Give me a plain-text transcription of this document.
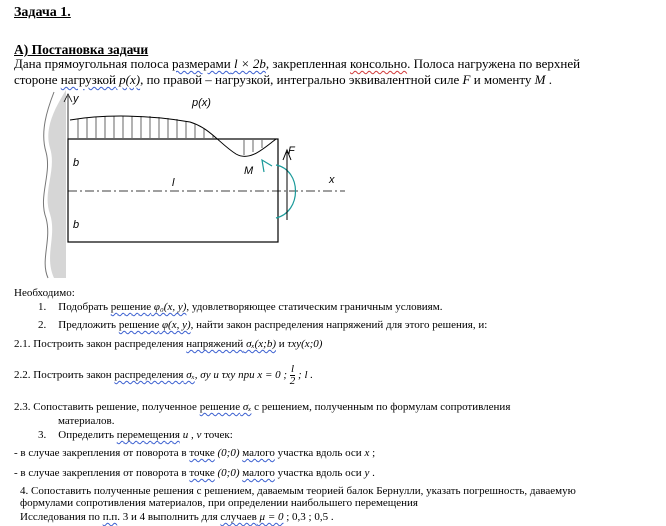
Задача 1.
А) Постановка задачи
Дана прямоугольная полоса размерами l × 2b, закрепленная консольно. Полоса нагружена по верхней
стороне нагрузкой p(x), по правой – нагрузкой, интегрально эквивалентной силе F и моменту M .
y	p(x)
b
b
l
M
F
x
Необходимо:
1. Подобрать решение φ₀(x, y), удовлетворяющее статическим граничным условиям.
2. Предложить решение φ(x, y), найти закон распределения напряжений для этого решения, и:
2.1. Построить закон распределения напряжений σₓ(x;b) и τxy(x;0)
2.2. Построить закон распределения σₓ, σy и τxy при x = 0 ; $\frac{l}{2}$ ; l .
2.3. Сопоставить решение, полученное решение σₓ с решением, полученным по формулам сопротивления
материалов.
3. Определить перемещения u , v точек:
- в случае закрепления от поворота в точке (0;0) малого участка вдоль оси x ;
- в случае закрепления от поворота в точке (0;0) малого участка вдоль оси y .
4. Сопоставить полученные решения с решением, даваемым теорией балок Бернулли, указать погрешность, даваемую
формулами сопротивления материалов, при определении наибольшего перемещения
Исследования по п.п. 3 и 4 выполнить для случаев μ = 0 ; 0,3 ; 0,5 .
